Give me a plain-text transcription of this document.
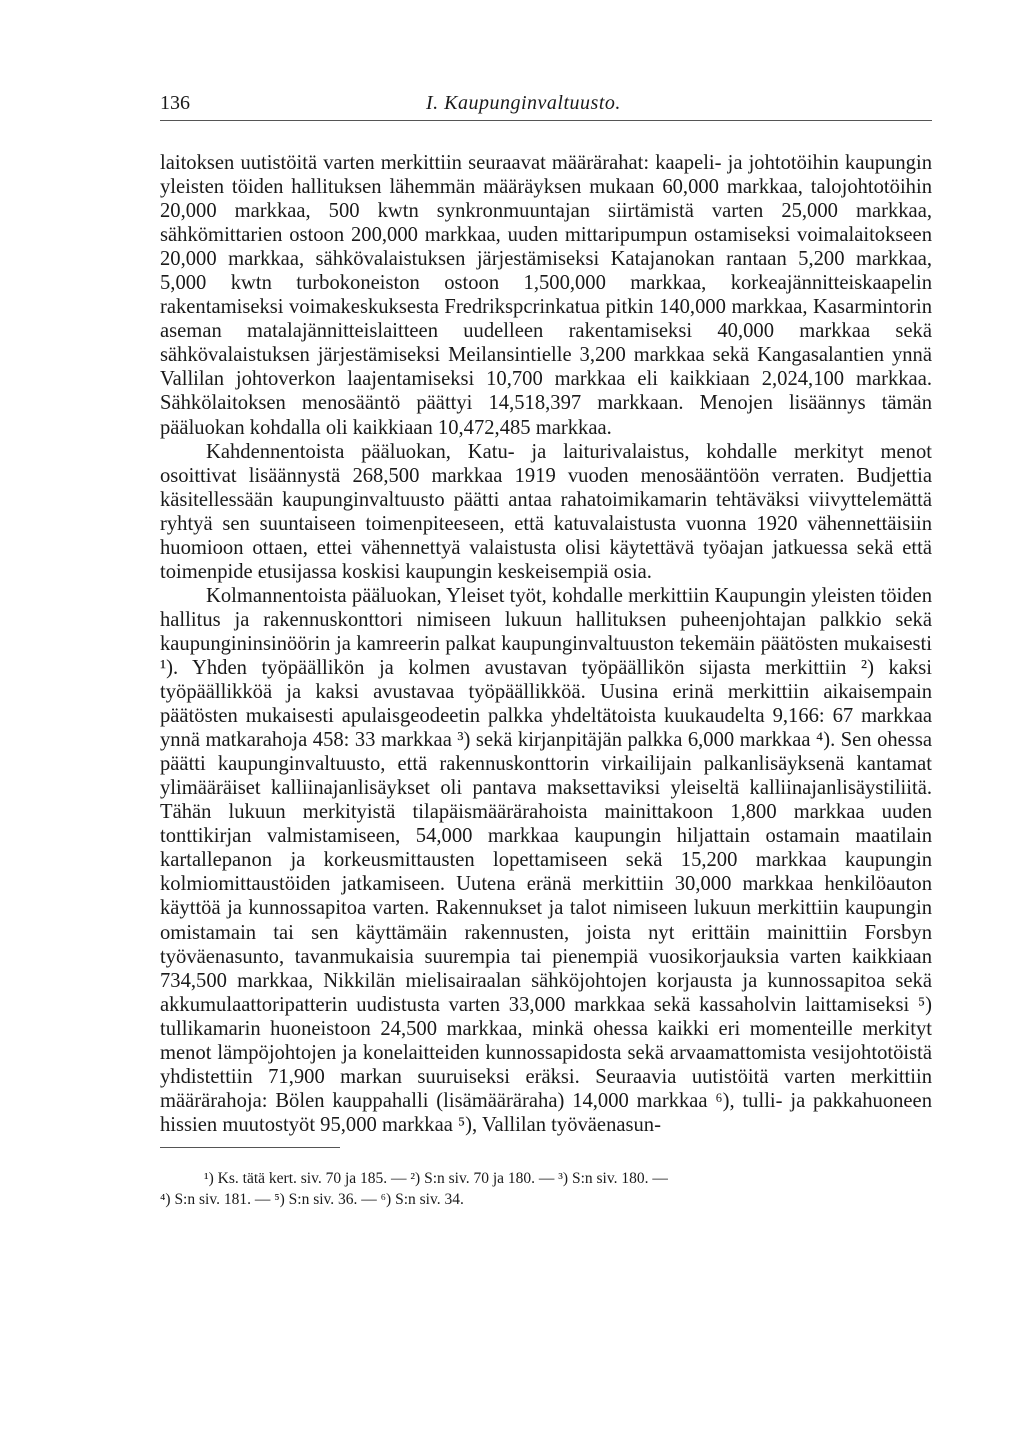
136	I. Kaupunginvaltuusto.

laitoksen uutistöitä varten merkittiin seuraavat määrärahat: kaapeli- ja johtotöihin kaupungin yleisten töiden hallituksen lähemmän määräyksen mukaan 60,000 markkaa, talojohtotöihin 20,000 markkaa, 500 kwtn synkronmuuntajan siirtämistä varten 25,000 markkaa, sähkömittarien ostoon 200,000 markkaa, uuden mittaripumpun ostamiseksi voimalaitokseen 20,000 markkaa, sähkövalaistuksen järjestämiseksi Katajanokan rantaan 5,200 markkaa, 5,000 kwtn turbokoneiston ostoon 1,500,000 markkaa, korkeajännitteiskaapelin rakentamiseksi voimakeskuksesta Fredrikspcrinkatua pitkin 140,000 markkaa, Kasarmintorin aseman matalajännitteislaitteen uudelleen rakentamiseksi 40,000 markkaa sekä sähkövalaistuksen järjestämiseksi Meilansintielle 3,200 markkaa sekä Kangasalantien ynnä Vallilan johtoverkon laajentamiseksi 10,700 markkaa eli kaikkiaan 2,024,100 markkaa. Sähkölaitoksen menosääntö päättyi 14,518,397 markkaan. Menojen lisäännys tämän pääluokan kohdalla oli kaikkiaan 10,472,485 markkaa.

Kahdennentoista pääluokan, Katu- ja laiturivalaistus, kohdalle merkityt menot osoittivat lisäännystä 268,500 markkaa 1919 vuoden menosääntöön verraten. Budjettia käsitellessään kaupunginvaltuusto päätti antaa rahatoimikamarin tehtäväksi viivyttelemättä ryhtyä sen suuntaiseen toimenpiteeseen, että katuvalaistusta vuonna 1920 vähennettäisiin huomioon ottaen, ettei vähennettyä valaistusta olisi käytettävä työajan jatkuessa sekä että toimenpide etusijassa koskisi kaupungin keskeisempiä osia.

Kolmannentoista pääluokan, Yleiset työt, kohdalle merkittiin Kaupungin yleisten töiden hallitus ja rakennuskonttori nimiseen lukuun hallituksen puheenjohtajan palkkio sekä kaupungininsinöörin ja kamreerin palkat kaupunginvaltuuston tekemäin päätösten mukaisesti ¹). Yhden työpäällikön ja kolmen avustavan työpäällikön sijasta merkittiin ²) kaksi työpäällikköä ja kaksi avustavaa työpäällikköä. Uusina erinä merkittiin aikaisempain päätösten mukaisesti apulaisgeodeetin palkka yhdeltätoista kuukaudelta 9,166: 67 markkaa ynnä matkarahoja 458: 33 markkaa ³) sekä kirjanpitäjän palkka 6,000 markkaa ⁴). Sen ohessa päätti kaupunginvaltuusto, että rakennuskonttorin virkailijain palkanlisäyksenä kantamat ylimääräiset kalliinajanlisäykset oli pantava maksettaviksi yleiseltä kalliinajanlisäystiliitä. Tähän lukuun merkityistä tilapäismäärärahoista mainittakoon 1,800 markkaa uuden tonttikirjan valmistamiseen, 54,000 markkaa kaupungin hiljattain ostamain maatilain kartallepanon ja korkeusmittausten lopettamiseen sekä 15,200 markkaa kaupungin kolmiomittaustöiden jatkamiseen. Uutena eränä merkittiin 30,000 markkaa henkilöauton käyttöä ja kunnossapitoa varten. Rakennukset ja talot nimiseen lukuun merkittiin kaupungin omistamain tai sen käyttämäin rakennusten, joista nyt erittäin mainittiin Forsbyn työväenasunto, tavanmukaisia suurempia tai pienempiä vuosikorjauksia varten kaikkiaan 734,500 markkaa, Nikkilän mielisairaalan sähköjohtojen korjausta ja kunnossapitoa sekä akkumulaattoripatterin uudistusta varten 33,000 markkaa sekä kassaholvin laittamiseksi ⁵) tullikamarin huoneistoon 24,500 markkaa, minkä ohessa kaikki eri momenteille merkityt menot lämpöjohtojen ja konelaitteiden kunnossapidosta sekä arvaamattomista vesijohtotöistä yhdistettiin 71,900 markan suuruiseksi eräksi. Seuraavia uutistöitä varten merkittiin määrärahoja: Bölen kauppahalli (lisämääräraha) 14,000 markkaa ⁶), tulli- ja pakkahuoneen hissien muutostyöt 95,000 markkaa ⁵), Vallilan työväenasun-

¹) Ks. tätä kert. siv. 70 ja 185. — ²) S:n siv. 70 ja 180. — ³) S:n siv. 180. —
⁴) S:n siv. 181. — ⁵) S:n siv. 36. — ⁶) S:n siv. 34.
